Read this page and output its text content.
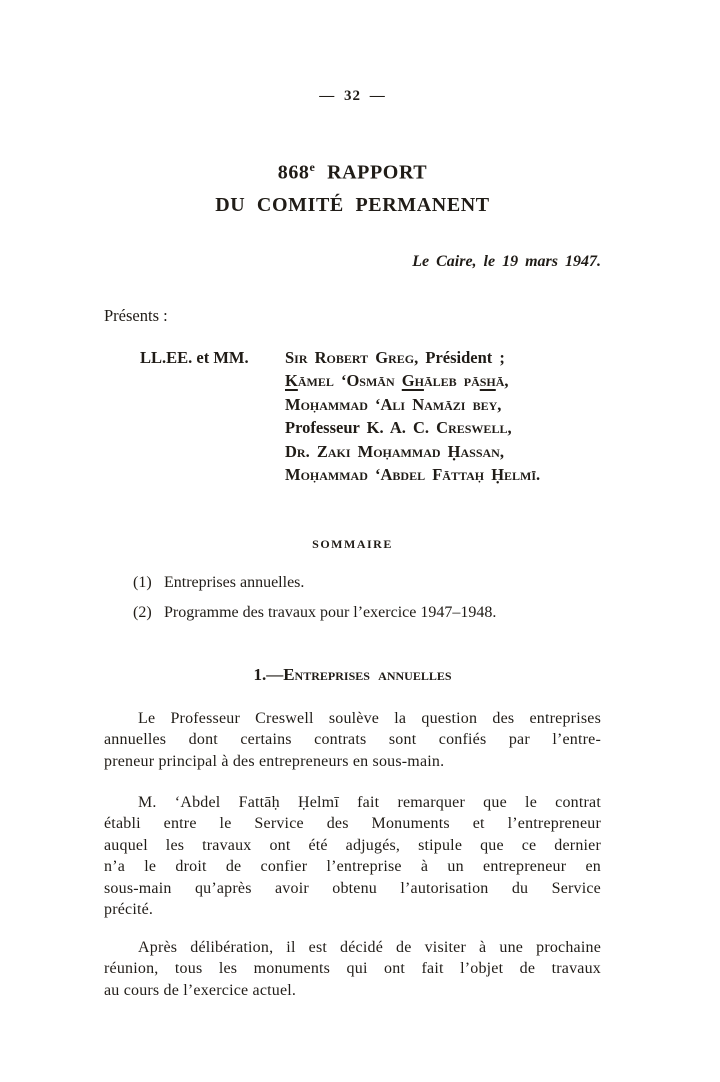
— 32 —
868e RAPPORT
DU COMITÉ PERMANENT
Le Caire, le 19 mars 1947.
Présents :
LL.EE. et MM.	Sir Robert Greg, Président ;
Kāmel ‘Osmān Ghāleb pāshā,
Moḥammad ‘Ali Namāzi bey,
Professeur K. A. C. Creswell,
Dr. Zaki Moḥammad Ḥassan,
Moḥammad ‘Abdel Fāttaḥ Ḥelmī.
SOMMAIRE
(1) Entreprises annuelles.
(2) Programme des travaux pour l’exercice 1947–1948.
1.—Entreprises annuelles
Le Professeur Creswell soulève la question des entreprises
annuelles dont certains contrats sont confiés par l’entre-
preneur principal à des entrepreneurs en sous-main.
M. ‘Abdel Fattāḥ Ḥelmī fait remarquer que le contrat
établi entre le Service des Monuments et l’entrepreneur
auquel les travaux ont été adjugés, stipule que ce dernier
n’a le droit de confier l’entreprise à un entrepreneur en
sous-main qu’après avoir obtenu l’autorisation du Service
précité.
Après délibération, il est décidé de visiter à une prochaine
réunion, tous les monuments qui ont fait l’objet de travaux
au cours de l’exercice actuel.
